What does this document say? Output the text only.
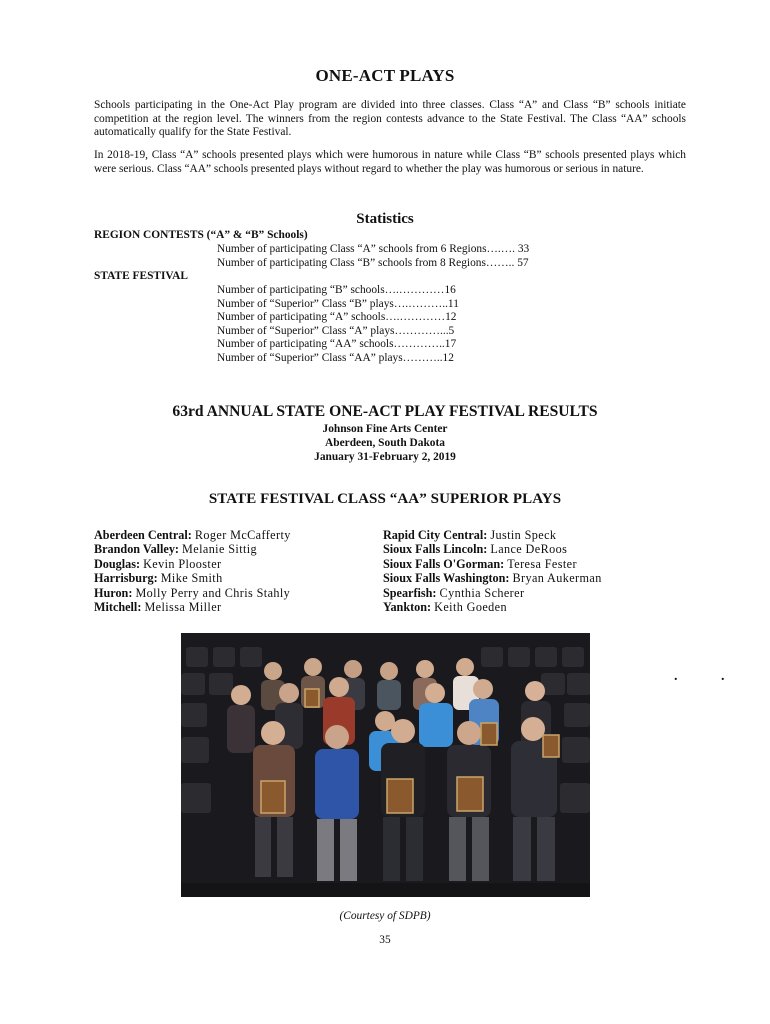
ONE-ACT PLAYS
Schools participating in the One-Act Play program are divided into three classes. Class “A” and Class “B” schools initiate competition at the region level. The winners from the region contests advance to the State Festival. The Class “AA” schools automatically qualify for the State Festival.
In 2018-19, Class “A” schools presented plays which were humorous in nature while Class “B” schools presented plays which were serious. Class “AA” schools presented plays without regard to whether the play was humorous or serious in nature.
Statistics
REGION CONTESTS (“A” & “B” Schools)
Number of participating Class “A” schools from 6 Regions….…. 33
Number of participating Class “B” schools from 8 Regions…….. 57
STATE FESTIVAL
Number of participating “B” schools….…………16
Number of “Superior” Class “B” plays….………..11
Number of participating “A” schools….…………12
Number of “Superior” Class “A” plays…………...5
Number of participating “AA” schools…………..17
Number of “Superior” Class “AA” plays………..12
63rd ANNUAL STATE ONE-ACT PLAY FESTIVAL RESULTS
Johnson Fine Arts Center
Aberdeen, South Dakota
January 31-February 2, 2019
STATE FESTIVAL CLASS “AA” SUPERIOR PLAYS
Aberdeen Central: Roger McCafferty
Brandon Valley: Melanie Sittig
Douglas: Kevin Plooster
Harrisburg: Mike Smith
Huron: Molly Perry and Chris Stahly
Mitchell: Melissa Miller
Rapid City Central: Justin Speck
Sioux Falls Lincoln: Lance DeRoos
Sioux Falls O'Gorman: Teresa Fester
Sioux Falls Washington: Bryan Aukerman
Spearfish: Cynthia Scherer
Yankton: Keith Goeden
.	.
(Courtesy of SDPB)
35
